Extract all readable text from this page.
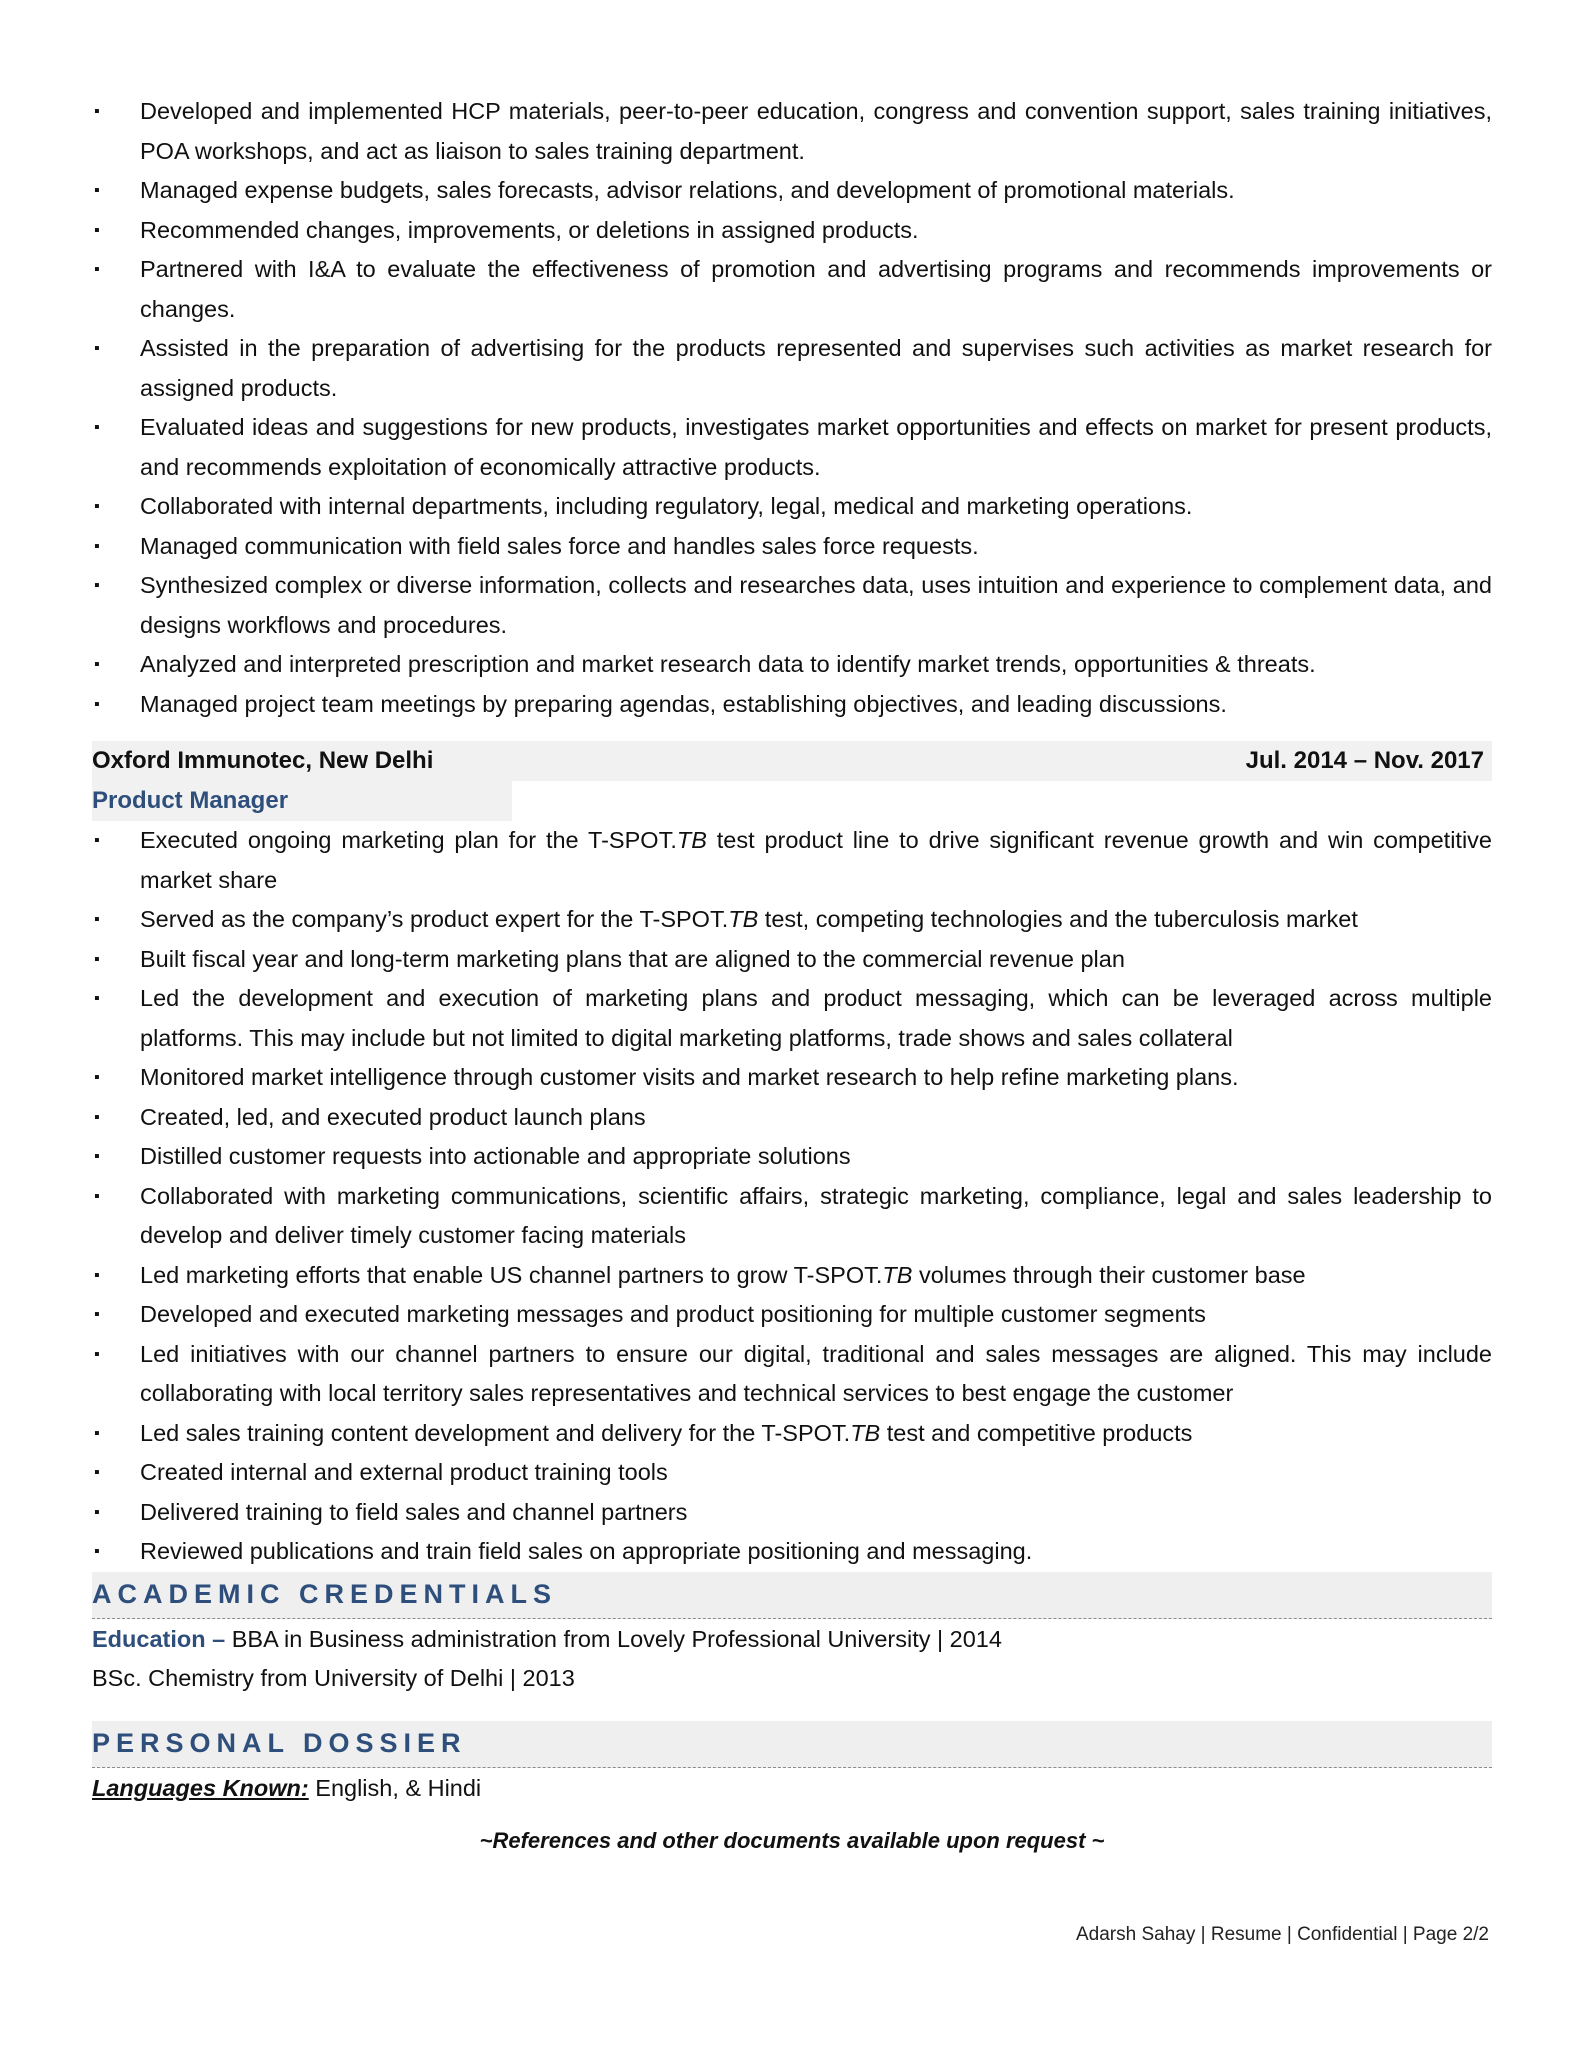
▪	Developed and implemented HCP materials, peer-to-peer education, congress and convention support, sales training initiatives, POA workshops, and act as liaison to sales training department.
▪	Managed expense budgets, sales forecasts, advisor relations, and development of promotional materials.
▪	Recommended changes, improvements, or deletions in assigned products.
▪	Partnered with I&A to evaluate the effectiveness of promotion and advertising programs and recommends improvements or changes.
▪	Assisted in the preparation of advertising for the products represented and supervises such activities as market research for assigned products.
▪	Evaluated ideas and suggestions for new products, investigates market opportunities and effects on market for present products, and recommends exploitation of economically attractive products.
▪	Collaborated with internal departments, including regulatory, legal, medical and marketing operations.
▪	Managed communication with field sales force and handles sales force requests.
▪	Synthesized complex or diverse information, collects and researches data, uses intuition and experience to complement data, and designs workflows and procedures.
▪	Analyzed and interpreted prescription and market research data to identify market trends, opportunities & threats.
▪	Managed project team meetings by preparing agendas, establishing objectives, and leading discussions.
Oxford Immunotec, New Delhi	Jul. 2014 – Nov. 2017
Product Manager
▪	Executed ongoing marketing plan for the T-SPOT.TB test product line to drive significant revenue growth and win competitive market share
▪	Served as the company’s product expert for the T-SPOT.TB test, competing technologies and the tuberculosis market
▪	Built fiscal year and long-term marketing plans that are aligned to the commercial revenue plan
▪	Led the development and execution of marketing plans and product messaging, which can be leveraged across multiple platforms. This may include but not limited to digital marketing platforms, trade shows and sales collateral
▪	Monitored market intelligence through customer visits and market research to help refine marketing plans.
▪	Created, led, and executed product launch plans
▪	Distilled customer requests into actionable and appropriate solutions
▪	Collaborated with marketing communications, scientific affairs, strategic marketing, compliance, legal and sales leadership to develop and deliver timely customer facing materials
▪	Led marketing efforts that enable US channel partners to grow T-SPOT.TB volumes through their customer base
▪	Developed and executed marketing messages and product positioning for multiple customer segments
▪	Led initiatives with our channel partners to ensure our digital, traditional and sales messages are aligned. This may include collaborating with local territory sales representatives and technical services to best engage the customer
▪	Led sales training content development and delivery for the T-SPOT.TB test and competitive products
▪	Created internal and external product training tools
▪	Delivered training to field sales and channel partners
▪	Reviewed publications and train field sales on appropriate positioning and messaging.
ACADEMIC CREDENTIALS
Education – BBA in Business administration from Lovely Professional University | 2014
BSc. Chemistry from University of Delhi | 2013
PERSONAL DOSSIER
Languages Known: English, & Hindi
~References and other documents available upon request ~
Adarsh Sahay | Resume | Confidential | Page 2/2
